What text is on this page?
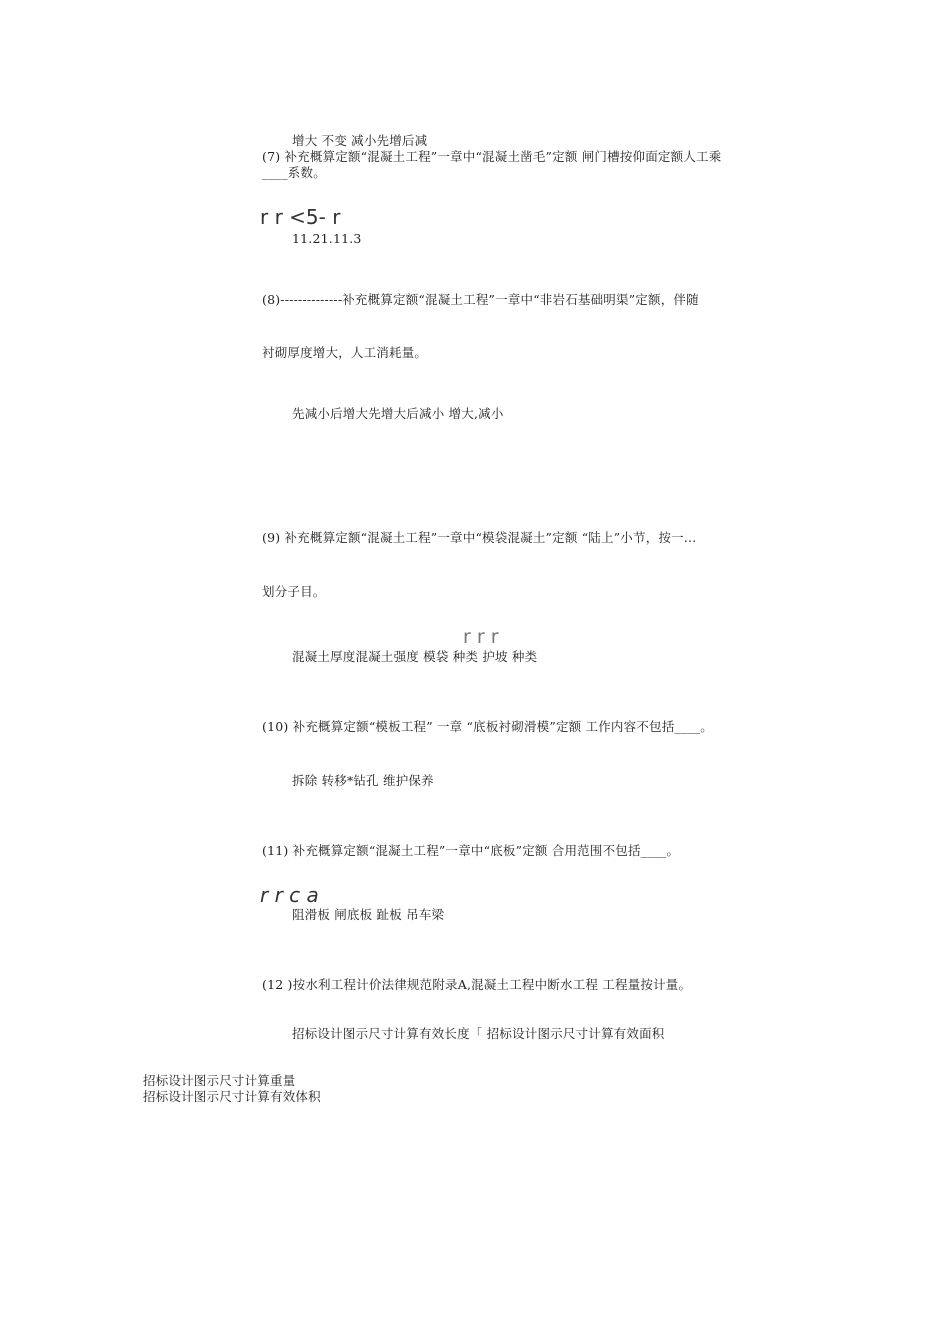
增大 不变 减小先增后减
(7) 补充概算定额“混凝土工程”一章中“混凝土凿毛”定额 闸门槽按仰面定额人工乘
____系数。
r r <5- r
11.21.11.3
(8)--------------补充概算定额“混凝土工程”一章中“非岩石基础明渠”定额，伴随
衬砌厚度增大，人工消耗量。
先减小后增大先增大后减小 增大,减小
(9) 补充概算定额“混凝土工程”一章中“模袋混凝土”定额 “陆上”小节，按一…
划分子目。
r r r
混凝土厚度混凝土强度 模袋 种类 护坡 种类
(10) 补充概算定额“模板工程” 一章 “底板衬砌滑模”定额 工作内容不包括____。
拆除 转移*钻孔 维护保养
(11) 补充概算定额“混凝土工程”一章中“底板”定额 合用范围不包括____。
r r c a
阻滑板 闸底板 趾板 吊车梁
(12 )按水利工程计价法律规范附录A,混凝土工程中断水工程 工程量按计量。
招标设计图示尺寸计算有效长度「 招标设计图示尺寸计算有效面积
招标设计图示尺寸计算重量
招标设计图示尺寸计算有效体积
